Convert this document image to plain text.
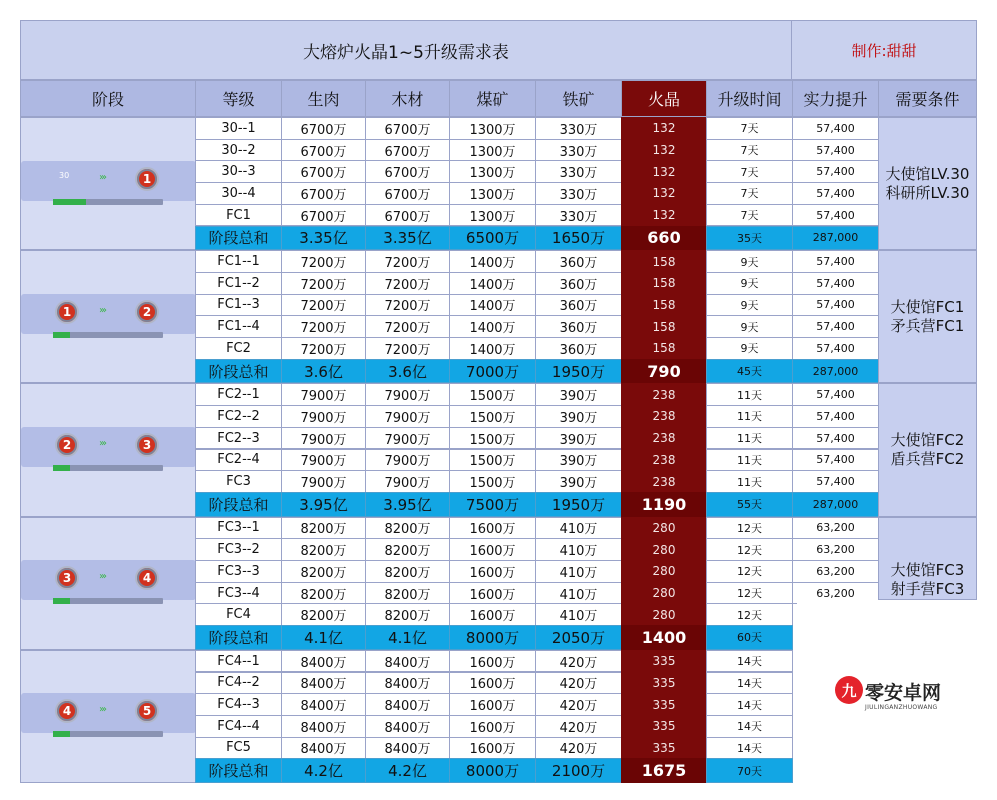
大熔炉火晶1~5升级需求表	制作:甜甜
阶段	等级	生肉	木材	煤矿	铁矿	火晶	升级时间	实力提升	需要条件
30	›››	1
30--1	6700万	6700万	1300万	330万	132	7天	57,400
30--2	6700万	6700万	1300万	330万	132	7天	57,400
30--3	6700万	6700万	1300万	330万	132	7天	57,400
30--4	6700万	6700万	1300万	330万	132	7天	57,400
FC1	6700万	6700万	1300万	330万	132	7天	57,400
阶段总和	3.35亿	3.35亿	6500万	1650万	660	35天	287,000
大使馆LV.30
科研所LV.30
1	›››	2
FC1--1	7200万	7200万	1400万	360万	158	9天	57,400
FC1--2	7200万	7200万	1400万	360万	158	9天	57,400
FC1--3	7200万	7200万	1400万	360万	158	9天	57,400
FC1--4	7200万	7200万	1400万	360万	158	9天	57,400
FC2	7200万	7200万	1400万	360万	158	9天	57,400
阶段总和	3.6亿	3.6亿	7000万	1950万	790	45天	287,000
大使馆FC1
矛兵营FC1
2	›››	3
FC2--1	7900万	7900万	1500万	390万	238	11天	57,400
FC2--2	7900万	7900万	1500万	390万	238	11天	57,400
FC2--3	7900万	7900万	1500万	390万	238	11天	57,400
FC2--4	7900万	7900万	1500万	390万	238	11天	57,400
FC3	7900万	7900万	1500万	390万	238	11天	57,400
阶段总和	3.95亿	3.95亿	7500万	1950万	1190	55天	287,000
大使馆FC2
盾兵营FC2
3	›››	4
FC3--1	8200万	8200万	1600万	410万	280	12天	63,200
FC3--2	8200万	8200万	1600万	410万	280	12天	63,200
FC3--3	8200万	8200万	1600万	410万	280	12天	63,200
FC3--4	8200万	8200万	1600万	410万	280	12天	63,200
FC4	8200万	8200万	1600万	410万	280	12天
阶段总和	4.1亿	4.1亿	8000万	2050万	1400	60天
大使馆FC3
射手营FC3
4	›››	5
FC4--1	8400万	8400万	1600万	420万	335	14天
FC4--2	8400万	8400万	1600万	420万	335	14天
FC4--3	8400万	8400万	1600万	420万	335	14天
FC4--4	8400万	8400万	1600万	420万	335	14天
FC5	8400万	8400万	1600万	420万	335	14天
阶段总和	4.2亿	4.2亿	8000万	2100万	1675	70天
九 零安卓网
JIULINGANZHUOWANG
